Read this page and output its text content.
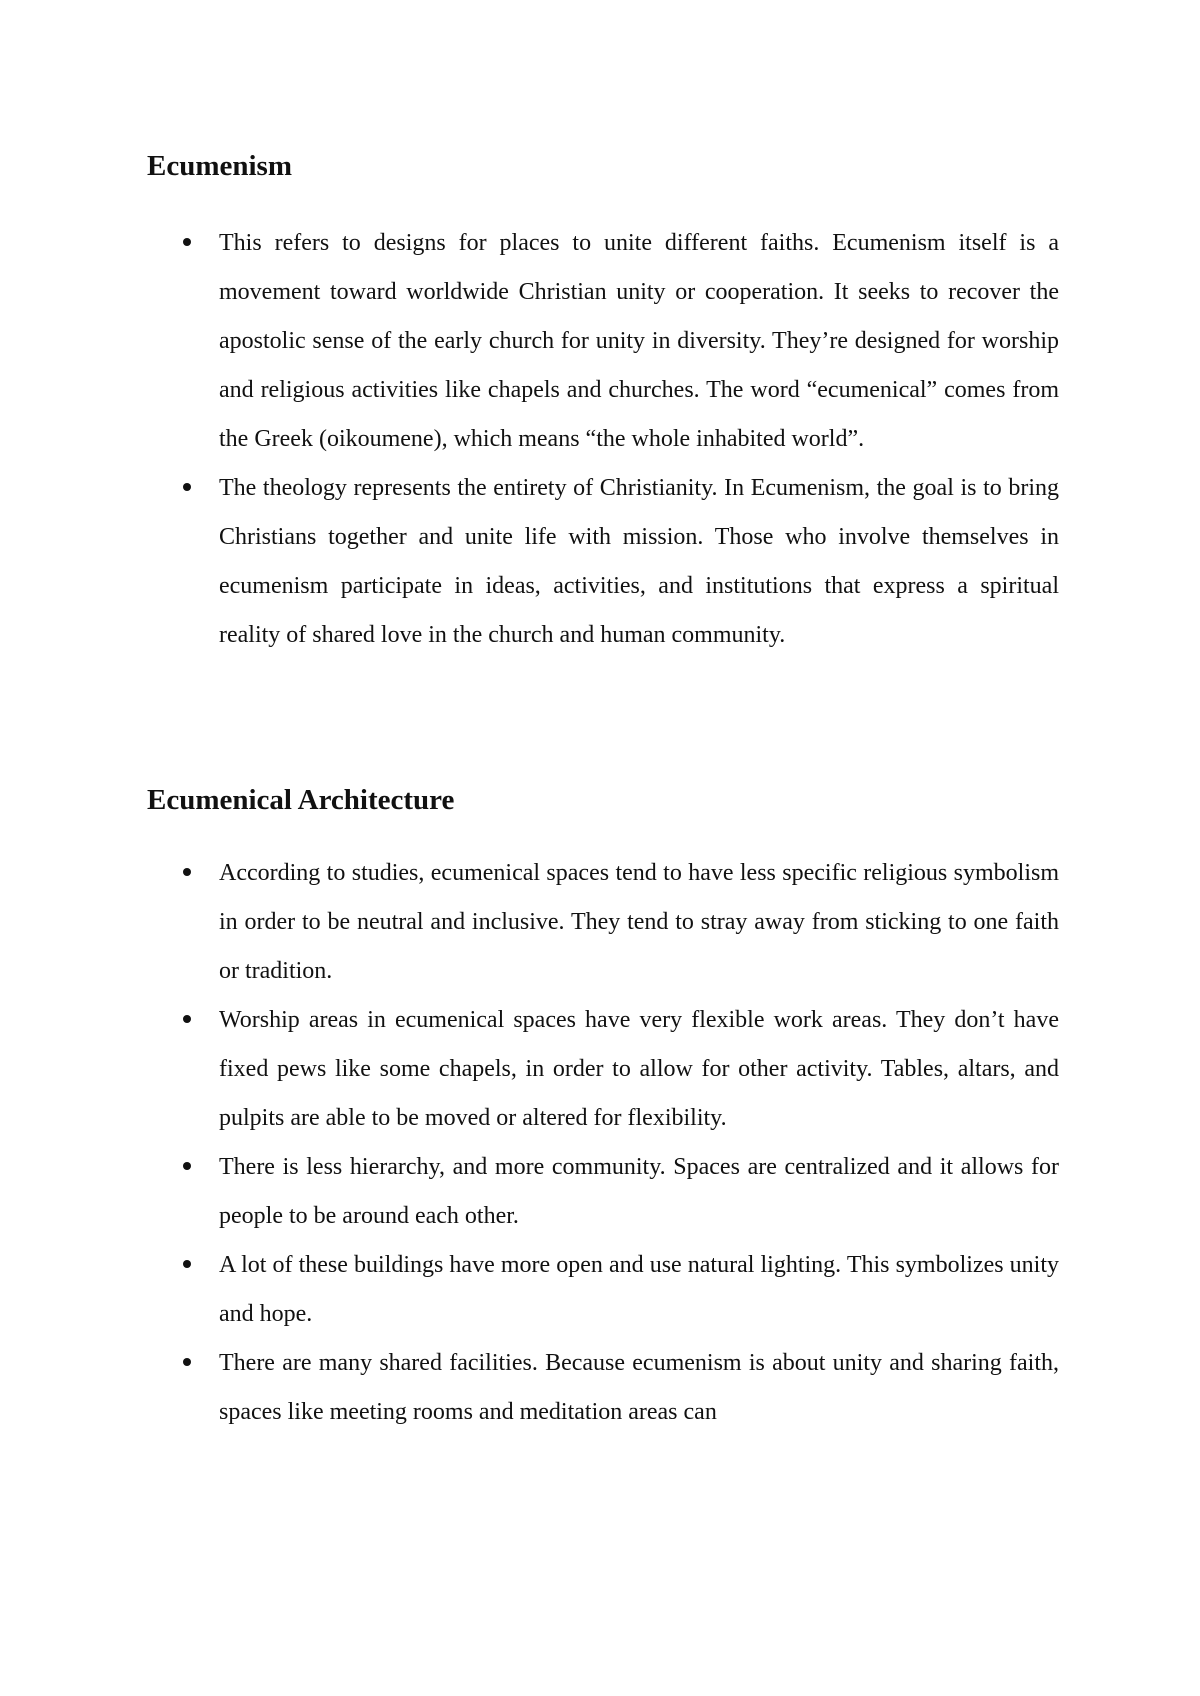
Ecumenism
This refers to designs for places to unite different faiths. Ecumenism itself is a movement toward worldwide Christian unity or cooperation. It seeks to recover the apostolic sense of the early church for unity in diversity. They’re designed for worship and religious activities like chapels and churches. The word “ecumenical” comes from the Greek (oikoumene), which means “the whole inhabited world”.
The theology represents the entirety of Christianity. In Ecumenism, the goal is to bring Christians together and unite life with mission. Those who involve themselves in ecumenism participate in ideas, activities, and institutions that express a spiritual reality of shared love in the church and human community.
Ecumenical Architecture
According to studies, ecumenical spaces tend to have less specific religious symbolism in order to be neutral and inclusive. They tend to stray away from sticking to one faith or tradition.
Worship areas in ecumenical spaces have very flexible work areas. They don’t have fixed pews like some chapels, in order to allow for other activity. Tables, altars, and pulpits are able to be moved or altered for flexibility.
There is less hierarchy, and more community. Spaces are centralized and it allows for people to be around each other.
A lot of these buildings have more open and use natural lighting. This symbolizes unity and hope.
There are many shared facilities. Because ecumenism is about unity and sharing faith, spaces like meeting rooms and meditation areas can
